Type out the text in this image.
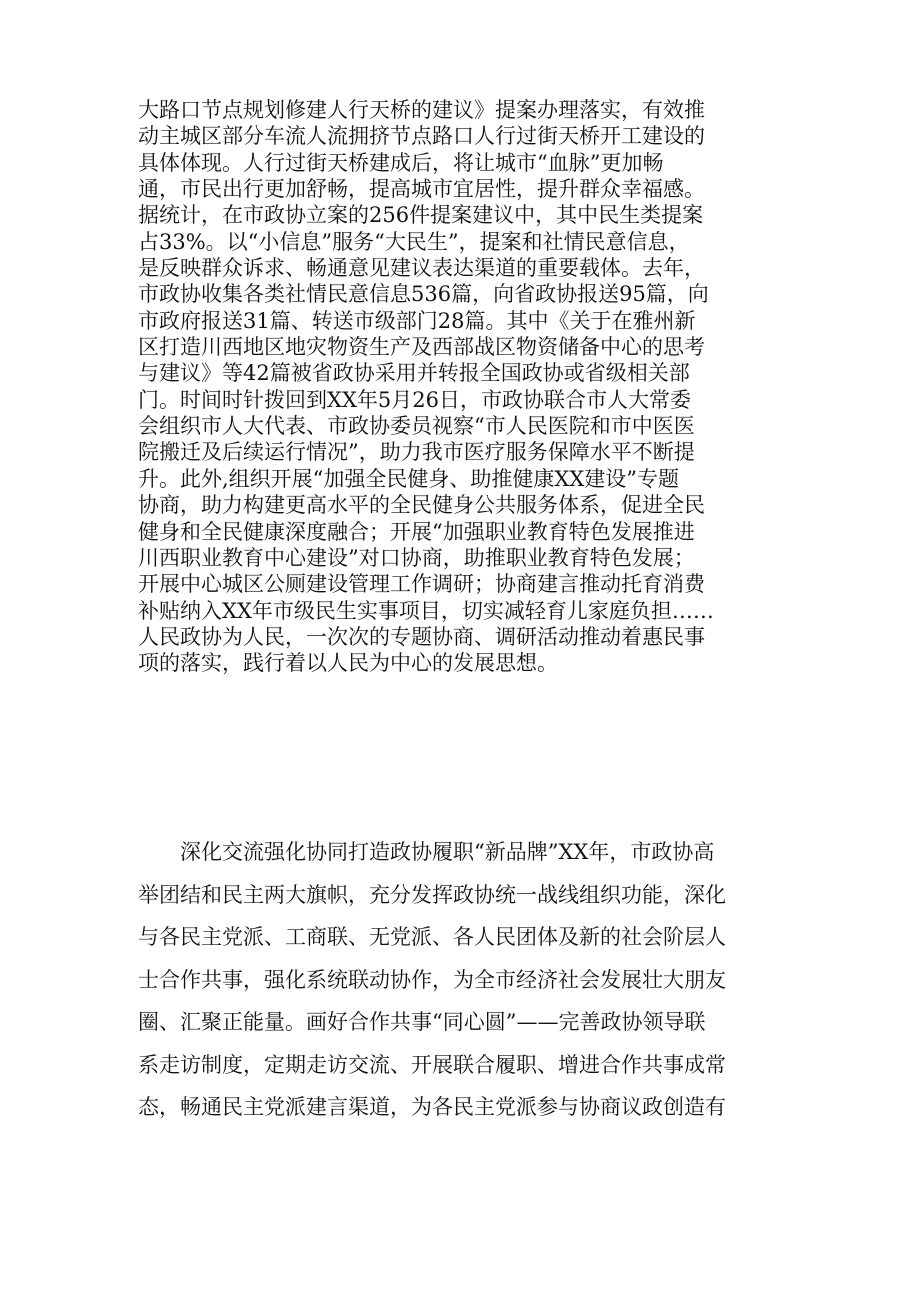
大路口节点规划修建人行天桥的建议》提案办理落实，有效推
动主城区部分车流人流拥挤节点路口人行过街天桥开工建设的
具体体现。人行过街天桥建成后，将让城市“血脉”更加畅
通，市民出行更加舒畅，提高城市宜居性，提升群众幸福感。
据统计，在市政协立案的256件提案建议中，其中民生类提案
占33%。以“小信息”服务“大民生”，提案和社情民意信息，
是反映群众诉求、畅通意见建议表达渠道的重要载体。去年，
市政协收集各类社情民意信息536篇，向省政协报送95篇，向
市政府报送31篇、转送市级部门28篇。其中《关于在雅州新
区打造川西地区地灾物资生产及西部战区物资储备中心的思考
与建议》等42篇被省政协采用并转报全国政协或省级相关部
门。时间时针拨回到XX年5月26日，市政协联合市人大常委
会组织市人大代表、市政协委员视察“市人民医院和市中医医
院搬迁及后续运行情况”，助力我市医疗服务保障水平不断提
升。此外,组织开展“加强全民健身、助推健康XX建设”专题
协商，助力构建更高水平的全民健身公共服务体系，促进全民
健身和全民健康深度融合；开展“加强职业教育特色发展推进
川西职业教育中心建设”对口协商，助推职业教育特色发展；
开展中心城区公厕建设管理工作调研；协商建言推动托育消费
补贴纳入XX年市级民生实事项目，切实减轻育儿家庭负担……
人民政协为人民，一次次的专题协商、调研活动推动着惠民事
项的落实，践行着以人民为中心的发展思想。
　　深化交流强化协同打造政协履职“新品牌”XX年，市政协高
举团结和民主两大旗帜，充分发挥政协统一战线组织功能，深化
与各民主党派、工商联、无党派、各人民团体及新的社会阶层人
士合作共事，强化系统联动协作，为全市经济社会发展壮大朋友
圈、汇聚正能量。画好合作共事“同心圆”——完善政协领导联
系走访制度，定期走访交流、开展联合履职、增进合作共事成常
态，畅通民主党派建言渠道，为各民主党派参与协商议政创造有
